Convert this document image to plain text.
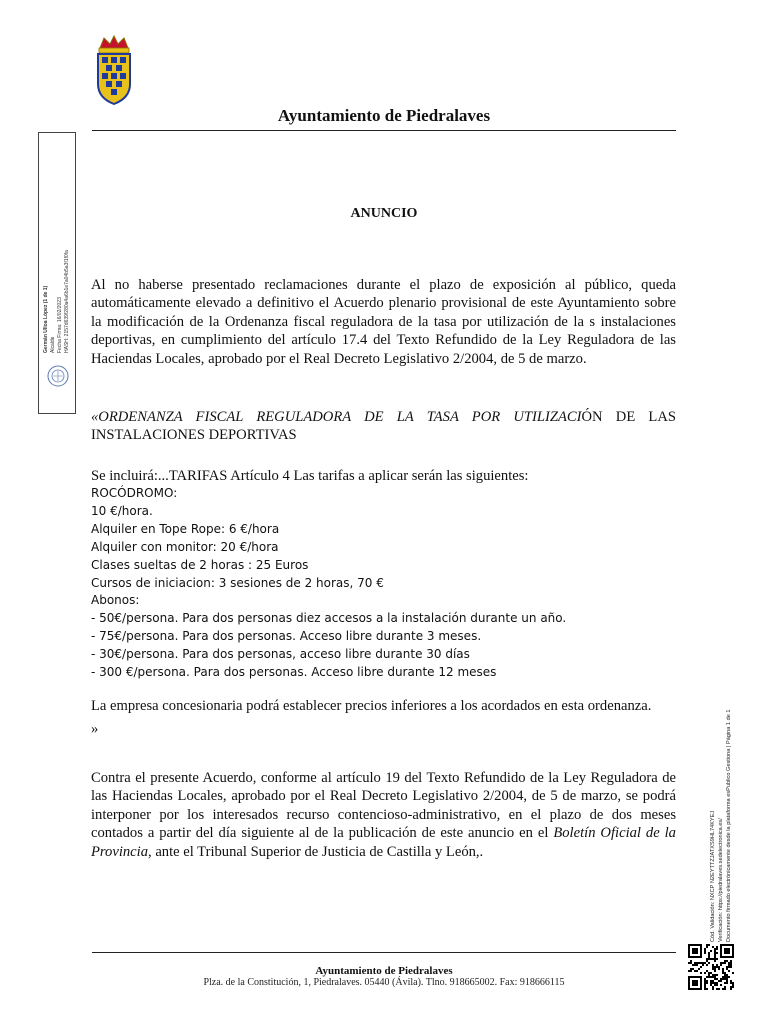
Ayuntamiento de Piedralaves
Germán Ulloa López (1 de 1) Alcalde Fecha Firma: 16/02/2023 HASH: 2157d639f280a4a6b1e7a04b5a3f1f0fa
ANUNCIO
Al no haberse presentado reclamaciones durante el plazo de exposición al público, queda automáticamente elevado a definitivo el Acuerdo plenario provisional de este Ayuntamiento sobre la modificación de la Ordenanza fiscal reguladora de la tasa por utilización de la s instalaciones deportivas, en cumplimiento del artículo 17.4 del Texto Refundido de la Ley Reguladora de las Haciendas Locales, aprobado por el Real Decreto Legislativo 2/2004, de 5 de marzo.
«ORDENANZA FISCAL REGULADORA DE LA TASA POR UTILIZACIÓN DE LAS INSTALACIONES DEPORTIVAS
Se incluirá:...TARIFAS Artículo 4 Las tarifas a aplicar serán las siguientes:
ROCÓDROMO:
10 €/hora.
Alquiler en Tope Rope: 6 €/hora
Alquiler con monitor: 20 €/hora
Clases sueltas de 2 horas : 25 Euros
Cursos de iniciacion: 3 sesiones de 2 horas, 70 €
Abonos:
- 50€/persona. Para dos personas diez accesos a la instalación durante un año.
- 75€/persona. Para dos personas. Acceso libre durante 3 meses.
- 30€/persona. Para dos personas, acceso libre durante 30 días
- 300 €/persona. Para dos personas. Acceso libre durante 12 meses
La empresa concesionaria podrá establecer precios inferiores a los acordados en esta ordenanza.
»
Contra el presente Acuerdo, conforme al artículo 19 del Texto Refundido de la Ley Reguladora de las Haciendas Locales, aprobado por el Real Decreto Legislativo 2/2004, de 5 de marzo, se podrá interponer por los interesados recurso contencioso-administrativo, en el plazo de dos meses contados a partir del día siguiente al de la publicación de este anuncio en el Boletín Oficial de la Provincia, ante el Tribunal Superior de Justicia de Castilla y León,.	Cód. Validación: NXCP N2EYTTZJATXS9HL74KYEJ Verificación: https://piedralaves.sedelectronica.es/ Documento firmado electrónicamente desde la plataforma esPublico Gestiona | Página 1 de 1
Ayuntamiento de Piedralaves
Plza. de la Constitución, 1, Piedralaves. 05440 (Ávila). Tlno. 918665002. Fax: 918666115
